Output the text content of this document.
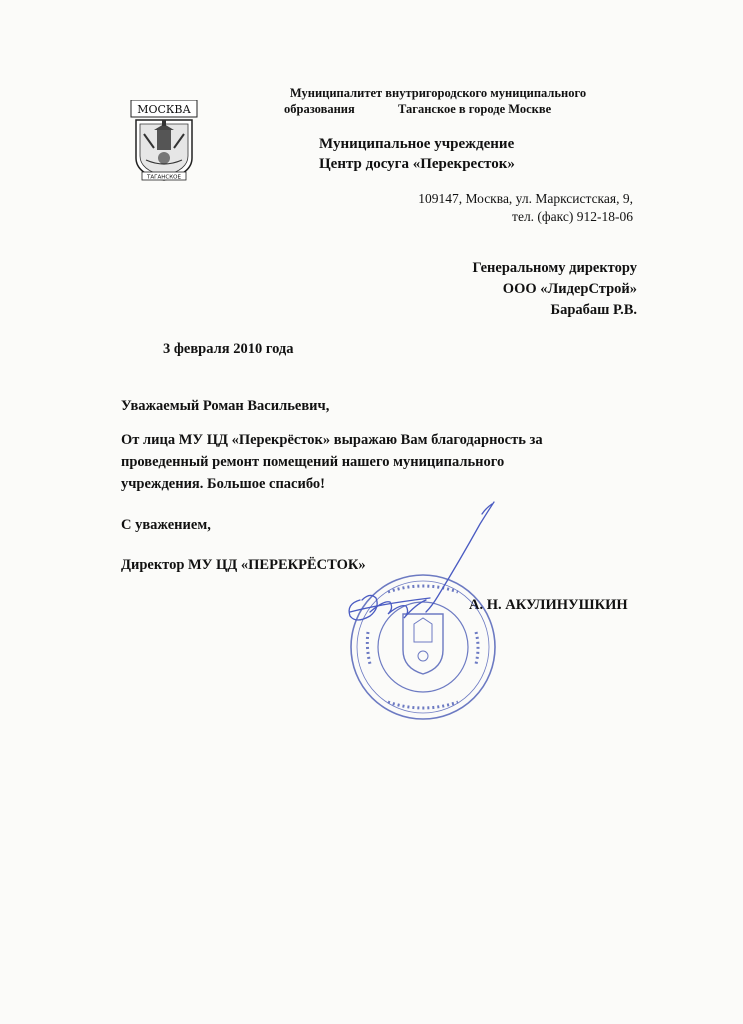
Муниципалитет внутригородского муниципального
образования	Таганское в городе Москве
МОСКВА
ТАГАНСКОЕ
Муниципальное учреждение
Центр досуга «Перекресток»
109147, Москва, ул. Марксистская, 9,
тел. (факс) 912-18-06
Генеральному директору
ООО «ЛидерСтрой»
Барабаш Р.В.
3 февраля 2010 года
Уважаемый Роман Васильевич,
От лица МУ ЦД «Перекрёсток» выражаю Вам благодарность за
проведенный ремонт помещений нашего муниципального
учреждения. Большое спасибо!
С уважением,
Директор МУ ЦД «ПЕРЕКРЁСТОК»
А. Н. АКУЛИНУШКИН
